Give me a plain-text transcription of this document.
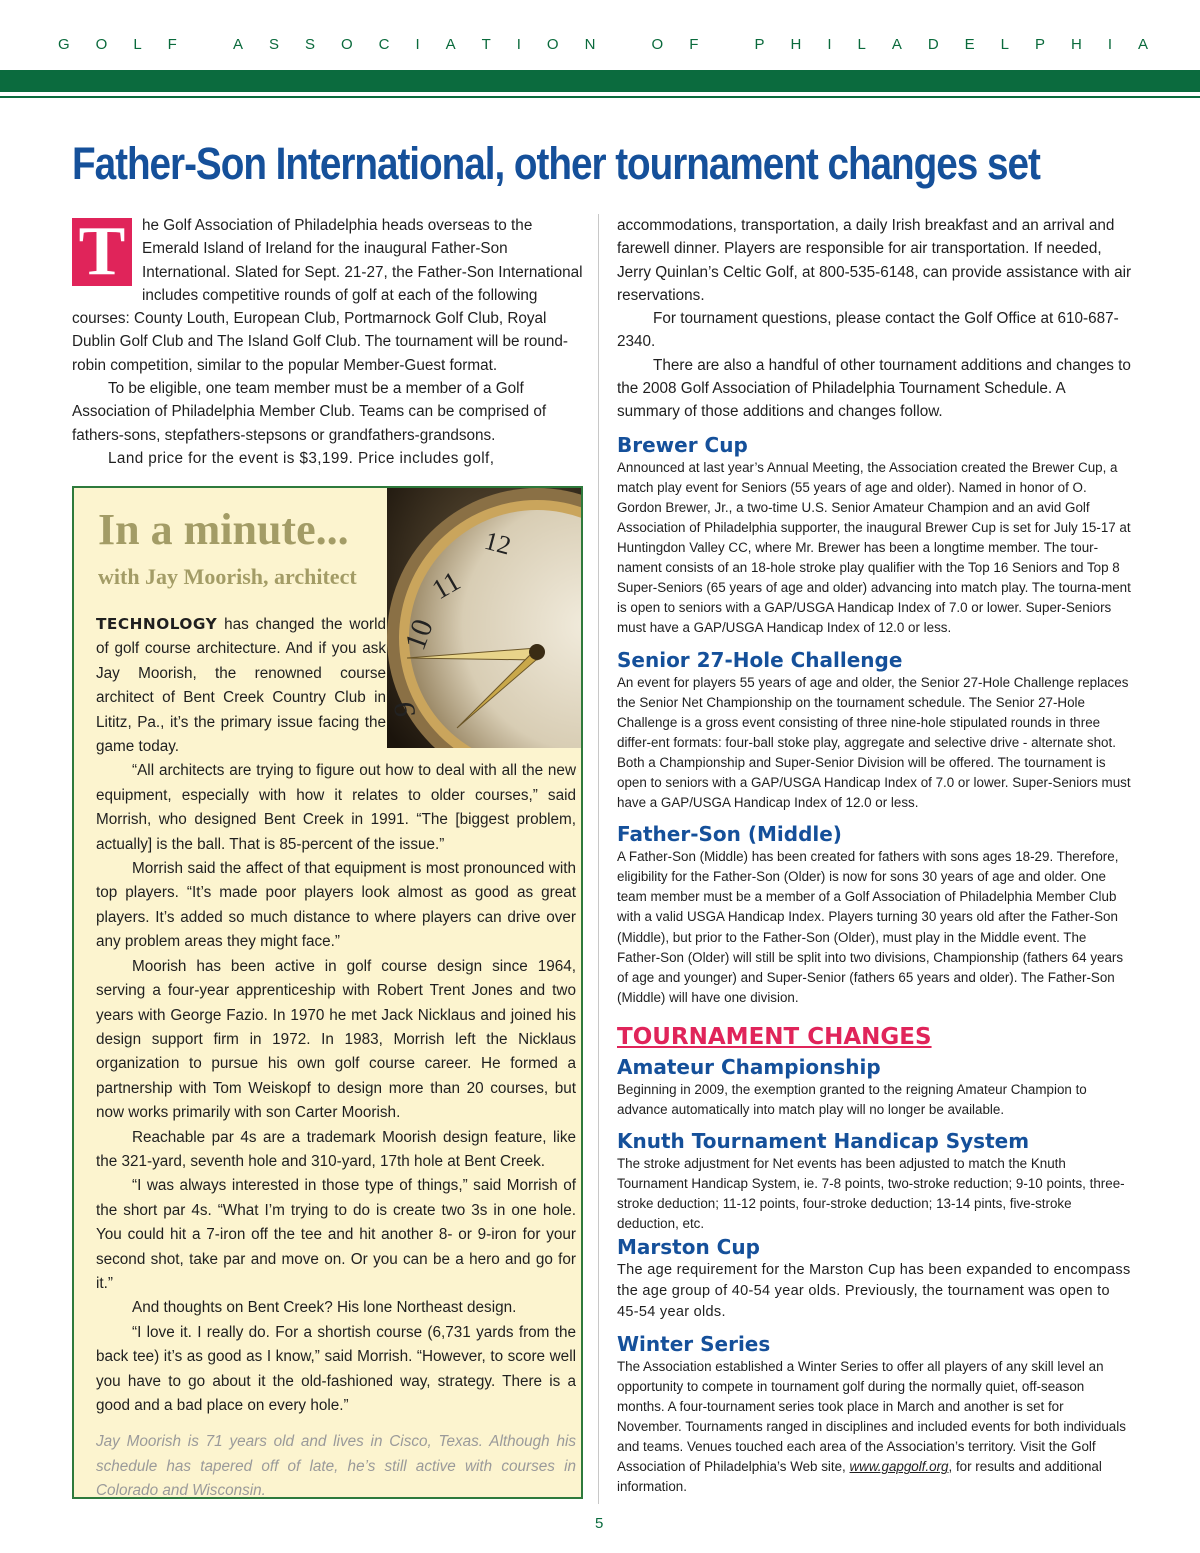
G O L F
	A S S O C I A T I O N
	O F
	P H I L A D E L P H I A
Father-Son International, other tournament changes set
T	he Golf Association of Philadelphia heads overseas to the Emerald Island of Ireland for the inaugural Father-Son International. Slated for Sept. 21-27, the Father-Son International includes competitive rounds of golf at each of the following courses: County Louth, European Club, Portmarnock Golf Club, Royal Dublin Golf Club and The Island Golf Club. The tournament will be round-robin competition, similar to the popular Member-Guest format.

To be eligible, one team member must be a member of a Golf Association of Philadelphia Member Club. Teams can be comprised of fathers-sons, stepfathers-stepsons or grandfathers-grandsons.

Land price for the event is $3,199. Price includes golf,

11
10
9
12
In a minute...
with Jay Moorish, architect

TECHNOLOGY has changed the world of golf course architecture. And if you ask Jay Moorish, the renowned course architect of Bent Creek Country Club in Lititz, Pa., it’s the primary issue facing the game today.

“All architects are trying to figure out how to deal with all the new equipment, especially with how it relates to older courses,” said Morrish, who designed Bent Creek in 1991. “The [biggest problem, actually] is the ball. That is 85-percent of the issue.”

Morrish said the affect of that equipment is most pronounced with top players. “It’s made poor players look almost as good as great players. It’s added so much distance to where players can drive over any problem areas they might face.”

Moorish has been active in golf course design since 1964, serving a four-year apprenticeship with Robert Trent Jones and two years with George Fazio. In 1970 he met Jack Nicklaus and joined his design support firm in 1972. In 1983, Morrish left the Nicklaus organization to pursue his own golf course career. He formed a partnership with Tom Weiskopf to design more than 20 courses, but now works primarily with son Carter Moorish.

Reachable par 4s are a trademark Moorish design feature, like the 321-yard, seventh hole and 310-yard, 17th hole at Bent Creek.

“I was always interested in those type of things,” said Morrish of the short par 4s. “What I’m trying to do is create two 3s in one hole. You could hit a 7-iron off the tee and hit another 8- or 9-iron for your second shot, take par and move on. Or you can be a hero and go for it.”

And thoughts on Bent Creek? His lone Northeast design.

“I love it. I really do. For a shortish course (6,731 yards from the back tee) it’s as good as I know,” said Morrish. “However, to score well you have to go about it the old-fashioned way, strategy. There is a good and a bad place on every hole.”

Jay Moorish is 71 years old and lives in Cisco, Texas. Although his schedule has tapered off of late, he’s still active with courses in Colorado and Wisconsin.

accommodations, transportation, a daily Irish breakfast and an arrival and farewell dinner. Players are responsible for air transportation. If needed, Jerry Quinlan’s Celtic Golf, at 800-535-6148, can provide assistance with air reservations.

For tournament questions, please contact the Golf Office at 610-687-2340.

There are also a handful of other tournament additions and changes to the 2008 Golf Association of Philadelphia Tournament Schedule. A summary of those additions and changes follow.

Brewer Cup

Announced at last year’s Annual Meeting, the Association created the Brewer Cup, a match play event for Seniors (55 years of age and older). Named in honor of O. Gordon Brewer, Jr., a two-time U.S. Senior Amateur Champion and an avid Golf Association of Philadelphia supporter, the inaugural Brewer Cup is set for July 15-17 at Huntingdon Valley CC, where Mr. Brewer has been a longtime member. The tour-nament consists of an 18-hole stroke play qualifier with the Top 16 Seniors and Top 8 Super-Seniors (65 years of age and older) advancing into match play. The tourna-ment is open to seniors with a GAP/USGA Handicap Index of 7.0 or lower. Super-Seniors must have a GAP/USGA Handicap Index of 12.0 or less.

Senior 27-Hole Challenge

An event for players 55 years of age and older, the Senior 27-Hole Challenge replaces the Senior Net Championship on the tournament schedule. The Senior 27-Hole Challenge is a gross event consisting of three nine-hole stipulated rounds in three differ-ent formats: four-ball stoke play, aggregate and selective drive - alternate shot. Both a Championship and Super-Senior Division will be offered. The tournament is open to seniors with a GAP/USGA Handicap Index of 7.0 or lower. Super-Seniors must have a GAP/USGA Handicap Index of 12.0 or less.

Father-Son (Middle)

A Father-Son (Middle) has been created for fathers with sons ages 18-29. Therefore, eligibility for the Father-Son (Older) is now for sons 30 years of age and older. One team member must be a member of a Golf Association of Philadelphia Member Club with a valid USGA Handicap Index. Players turning 30 years old after the Father-Son (Middle), but prior to the Father-Son (Older), must play in the Middle event. The Father-Son (Older) will still be split into two divisions, Championship (fathers 64 years of age and younger) and Super-Senior (fathers 65 years and older). The Father-Son (Middle) will have one division.

TOURNAMENT CHANGES
Amateur Championship

Beginning in 2009, the exemption granted to the reigning Amateur Champion to advance automatically into match play will no longer be available.

Knuth Tournament Handicap System

The stroke adjustment for Net events has been adjusted to match the Knuth Tournament Handicap System, ie. 7-8 points, two-stroke reduction; 9-10 points, three-stroke deduction; 11-12 points, four-stroke deduction; 13-14 pints, five-stroke deduction, etc.

Marston Cup

The age requirement for the Marston Cup has been expanded to encompass the age group of 40-54 year olds. Previously, the tournament was open to 45-54 year olds.

Winter Series

The Association established a Winter Series to offer all players of any skill level an opportunity to compete in tournament golf during the normally quiet, off-season months. A four-tournament series took place in March and another is set for November. Tournaments ranged in disciplines and included events for both individuals and teams. Venues touched each area of the Association’s territory. Visit the Golf Association of Philadelphia’s Web site, www.gapgolf.org, for results and additional information.

5
